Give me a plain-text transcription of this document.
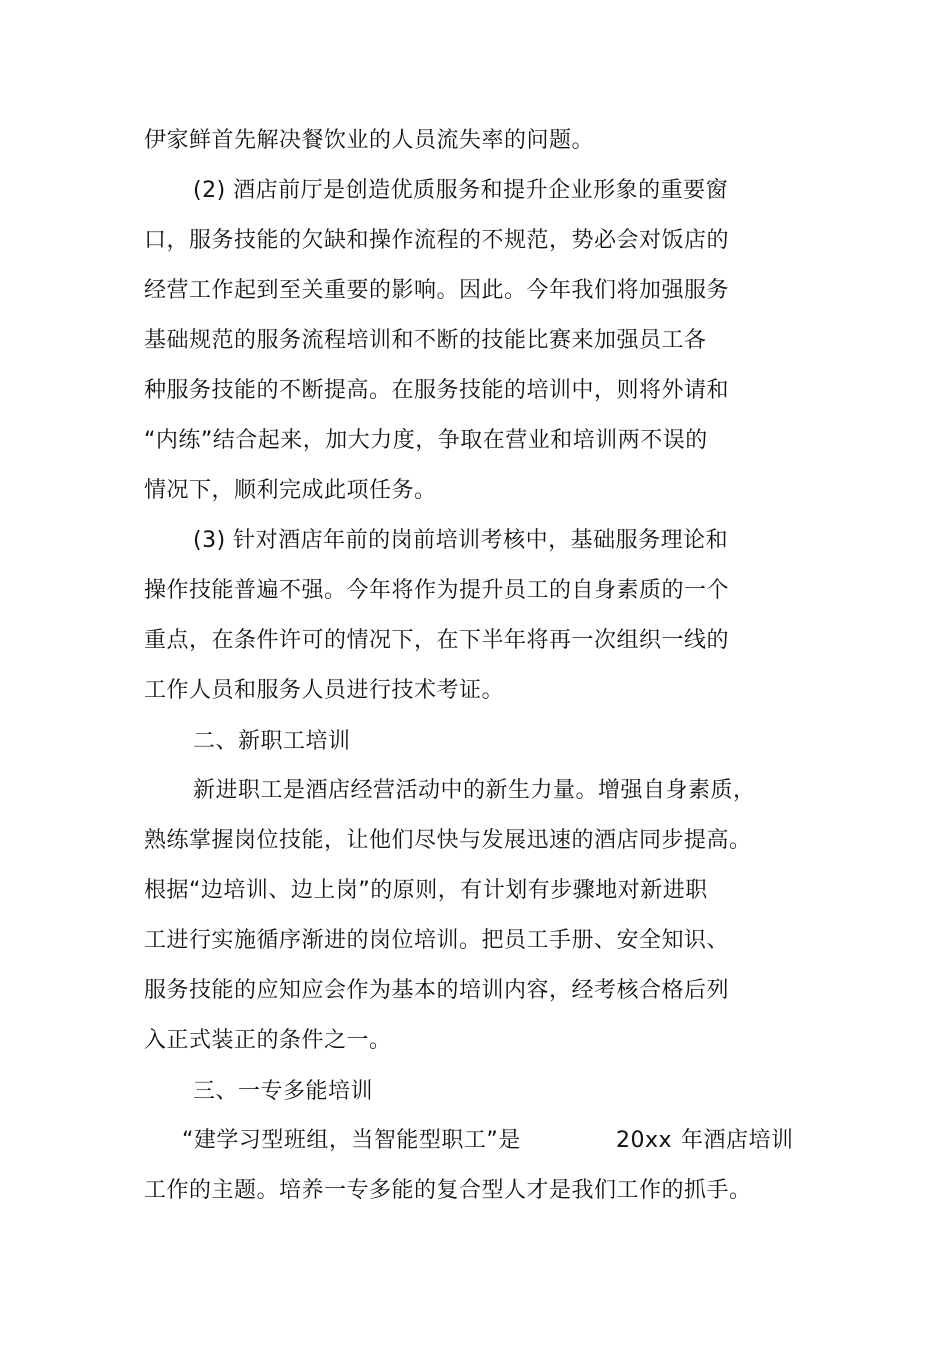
伊家鲜首先解决餐饮业的人员流失率的问题。
(2) 酒店前厅是创造优质服务和提升企业形象的重要窗
口，服务技能的欠缺和操作流程的不规范，势必会对饭店的
经营工作起到至关重要的影响。因此。今年我们将加强服务
基础规范的服务流程培训和不断的技能比赛来加强员工各
种服务技能的不断提高。在服务技能的培训中，则将外请和
“内练”结合起来，加大力度，争取在营业和培训两不误的
情况下，顺利完成此项任务。
(3) 针对酒店年前的岗前培训考核中，基础服务理论和
操作技能普遍不强。今年将作为提升员工的自身素质的一个
重点，在条件许可的情况下，在下半年将再一次组织一线的
工作人员和服务人员进行技术考证。
二、新职工培训
新进职工是酒店经营活动中的新生力量。增强自身素质，
熟练掌握岗位技能，让他们尽快与发展迅速的酒店同步提高。
根据“边培训、边上岗”的原则，有计划有步骤地对新进职
工进行实施循序渐进的岗位培训。把员工手册、安全知识、
服务技能的应知应会作为基本的培训内容，经考核合格后列
入正式装正的条件之一。
三、一专多能培训
“建学习型班组，当智能型职工”是	20xx 年酒店培训
工作的主题。培养一专多能的复合型人才是我们工作的抓手。
